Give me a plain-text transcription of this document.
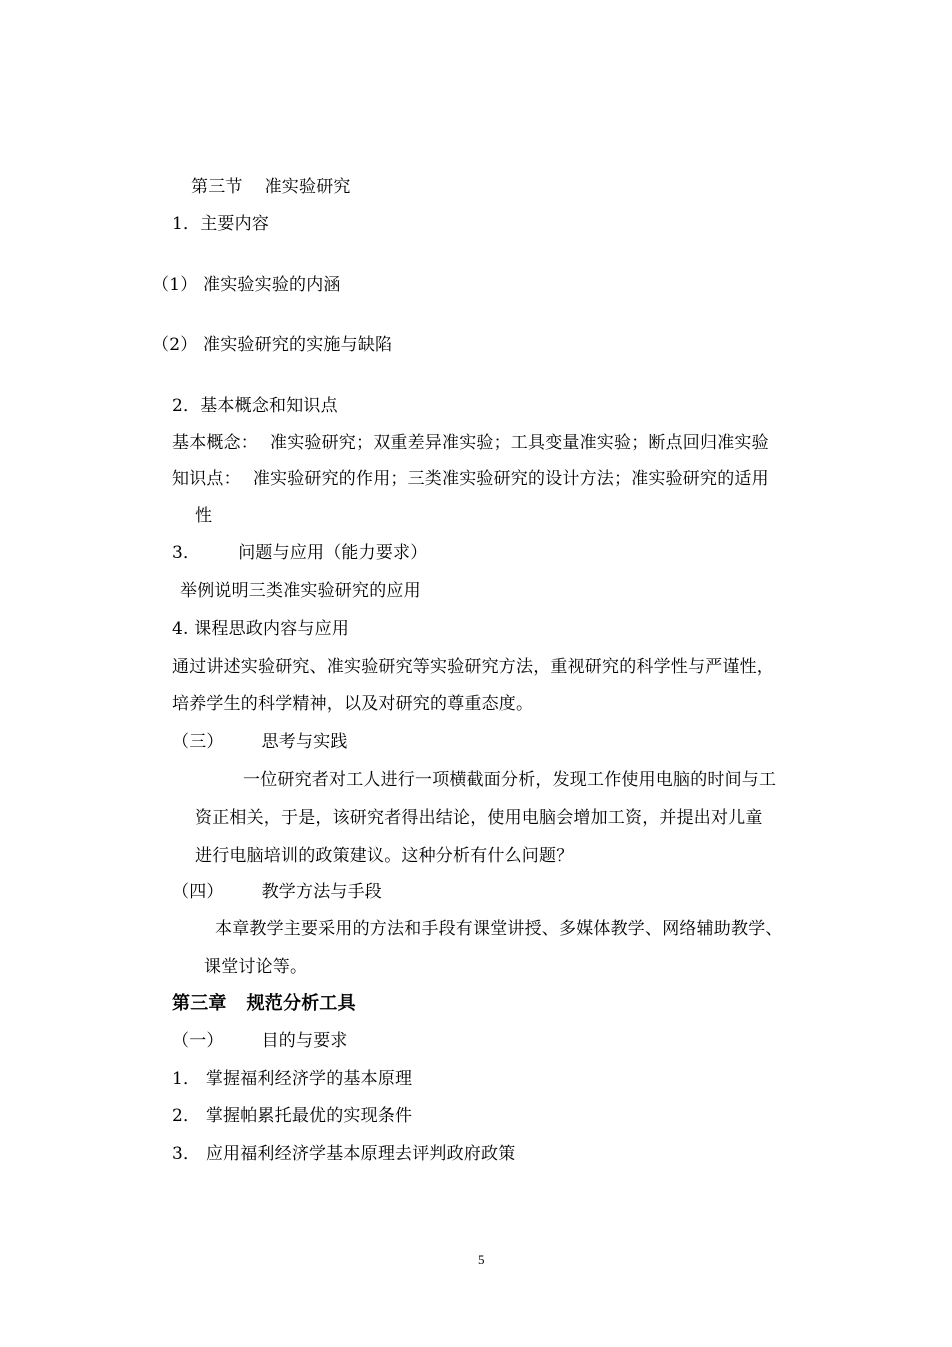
第三节 准实验研究
1．主要内容
（1） 准实验实验的内涵
（2） 准实验研究的实施与缺陷
2．基本概念和知识点
基本概念： 准实验研究；双重差异准实验；工具变量准实验；断点回归准实验
知识点： 准实验研究的作用；三类准实验研究的设计方法；准实验研究的适用
性
3． 问题与应用（能力要求）
举例说明三类准实验研究的应用
4. 课程思政内容与应用
通过讲述实验研究、准实验研究等实验研究方法，重视研究的科学性与严谨性，
培养学生的科学精神，以及对研究的尊重态度。
（三） 思考与实践
一位研究者对工人进行一项横截面分析，发现工作使用电脑的时间与工
资正相关，于是，该研究者得出结论，使用电脑会增加工资，并提出对儿童
进行电脑培训的政策建议。这种分析有什么问题？
（四） 教学方法与手段
本章教学主要采用的方法和手段有课堂讲授、多媒体教学、网络辅助教学、
课堂讨论等。
第三章 规范分析工具
（一） 目的与要求
1． 掌握福利经济学的基本原理
2． 掌握帕累托最优的实现条件
3． 应用福利经济学基本原理去评判政府政策
5
